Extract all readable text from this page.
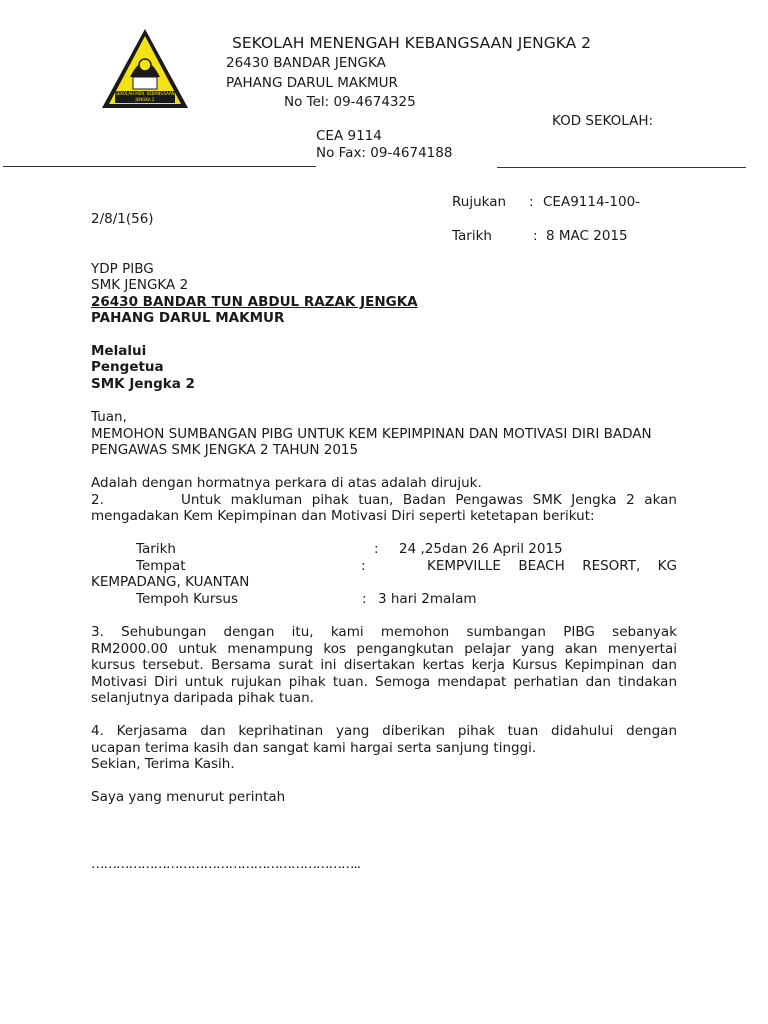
SEKOLAH MEN. KEBANGSAAN
JENGKA 2
SEKOLAH MENENGAH KEBANGSAAN JENGKA 2
26430 BANDAR JENGKA
PAHANG DARUL MAKMUR
No Tel: 09-4674325
KOD SEKOLAH:
CEA 9114
No Fax: 09-4674188
Rujukan : CEA9114-100-
2/8/1(56)
Tarikh	: 8 MAC 2015
YDP PIBG
SMK JENGKA 2
26430 BANDAR TUN ABDUL RAZAK JENGKA
PAHANG DARUL MAKMUR
Melalui
Pengetua
SMK Jengka 2
Tuan,
MEMOHON SUMBANGAN PIBG UNTUK KEM KEPIMPINAN DAN MOTIVASI DIRI BADAN
PENGAWAS SMK JENGKA 2 TAHUN 2015
Adalah dengan hormatnya perkara di atas adalah dirujuk.
2.	Untuk makluman pihak tuan, Badan Pengawas SMK Jengka 2 akan
mengadakan Kem Kepimpinan dan Motivasi Diri seperti ketetapan berikut:
Tarikh	: 24 ,25dan 26 April 2015
Tempat	:	KEMPVILLE BEACH RESORT, KG
KEMPADANG, KUANTAN
Tempoh Kursus	: 3 hari 2malam
3. Sehubungan dengan itu, kami memohon sumbangan PIBG sebanyak
RM2000.00 untuk menampung kos pengangkutan pelajar yang akan menyertai
kursus tersebut. Bersama surat ini disertakan kertas kerja Kursus Kepimpinan dan
Motivasi Diri untuk rujukan pihak tuan. Semoga mendapat perhatian dan tindakan
selanjutnya daripada pihak tuan.
4. Kerjasama dan keprihatinan yang diberikan pihak tuan didahului dengan
ucapan terima kasih dan sangat kami hargai serta sanjung tinggi.
Sekian, Terima Kasih.
Saya yang menurut perintah
………………………………………………………..
